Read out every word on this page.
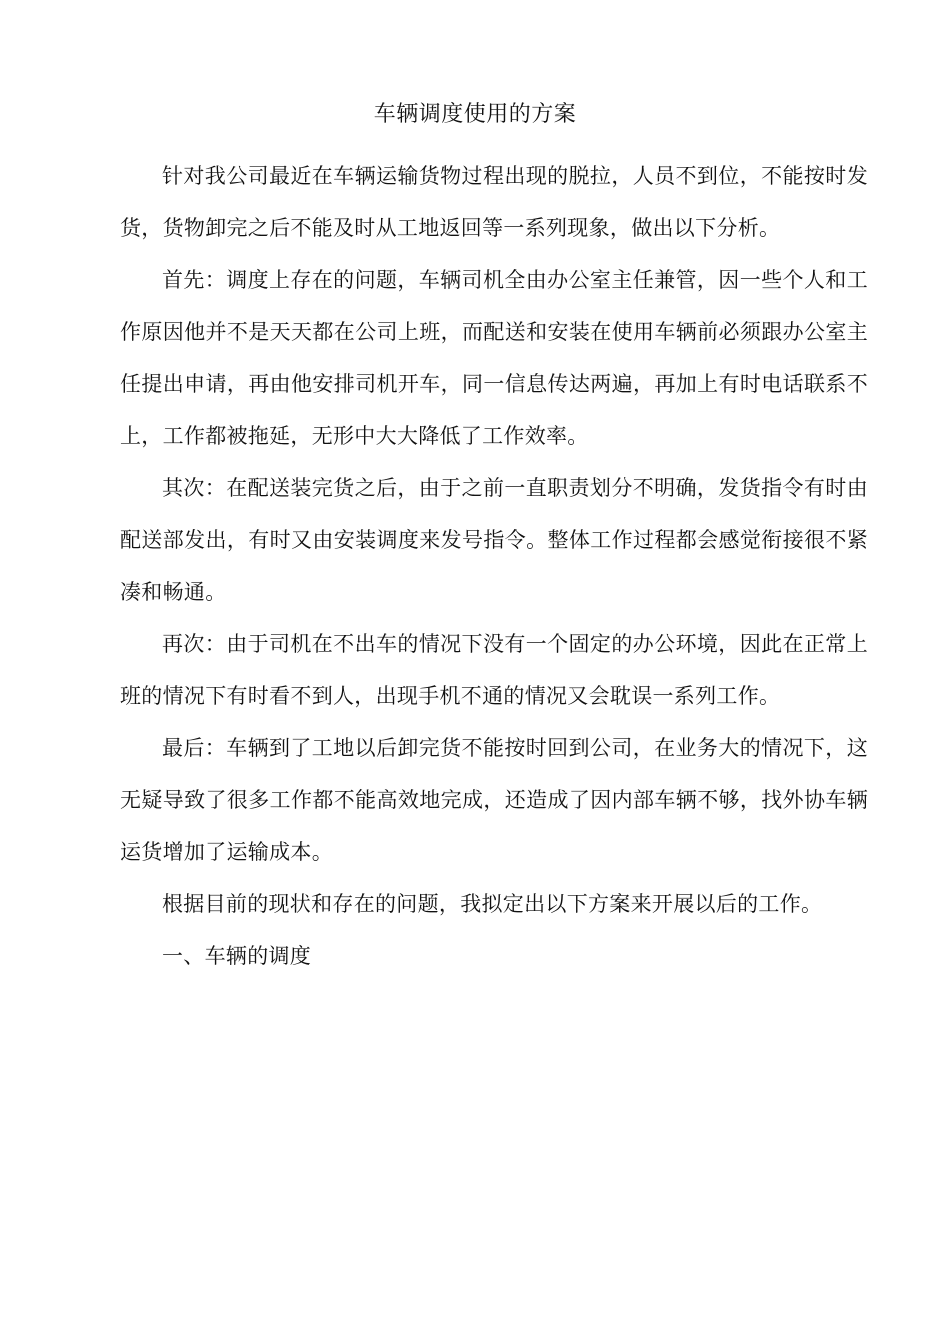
车辆调度使用的方案

针对我公司最近在车辆运输货物过程出现的脱拉，人员不到位，不能按时发货，货物卸完之后不能及时从工地返回等一系列现象，做出以下分析。

首先：调度上存在的问题，车辆司机全由办公室主任兼管，因一些个人和工作原因他并不是天天都在公司上班，而配送和安装在使用车辆前必须跟办公室主任提出申请，再由他安排司机开车，同一信息传达两遍，再加上有时电话联系不上，工作都被拖延，无形中大大降低了工作效率。

其次：在配送装完货之后，由于之前一直职责划分不明确，发货指令有时由配送部发出，有时又由安装调度来发号指令。整体工作过程都会感觉衔接很不紧凑和畅通。

再次：由于司机在不出车的情况下没有一个固定的办公环境，因此在正常上班的情况下有时看不到人，出现手机不通的情况又会耽误一系列工作。

最后：车辆到了工地以后卸完货不能按时回到公司，在业务大的情况下，这无疑导致了很多工作都不能高效地完成，还造成了因内部车辆不够，找外协车辆运货增加了运输成本。

根据目前的现状和存在的问题，我拟定出以下方案来开展以后的工作。

一、车辆的调度
